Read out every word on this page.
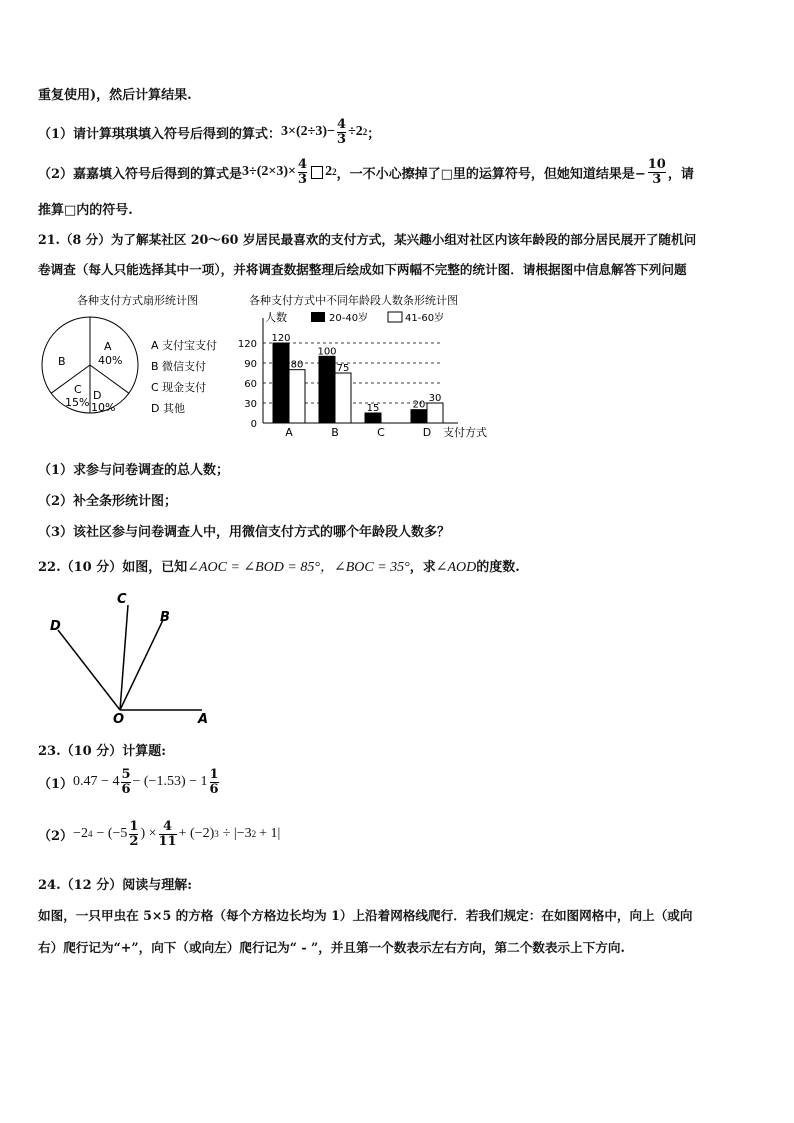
重复使用)，然后计算结果.
（1）请计算琪琪填入符号后得到的算式： $3\times(2\div 3)- \frac{4}{3} \div 2$ 2 ；
（2）嘉嘉填入符号后得到的算式是 $3\div(2\times 3)\times \frac{4}{3} 2$ 2 ，一不小心擦掉了□里的运算符号，但她知道结果是− $\frac{10}{3}$ ，请
推算□内的符号.
21.（8 分）为了解某社区 20～60 岁居民最喜欢的支付方式，某兴趣小组对社区内该年龄段的部分居民展开了随机问
卷调查（每人只能选择其中一项），并将调查数据整理后绘成如下两幅不完整的统计图．请根据图中信息解答下列问题
各种支付方式扇形统计图
A
40%
B
C
15%
D
10%
A 支付宝支付
B 微信支付
C 现金支付
D 其他
各种支付方式中不同年龄段人数条形统计图
人数	20-40岁	41-60岁
0
30
60
90
120
120
80
A
100
75
B
15
C
20
30
D 支付方式
（1）求参与问卷调查的总人数；
（2）补全条形统计图；
（3）该社区参与问卷调查人中，用微信支付方式的哪个年龄段人数多？
22.（10 分）如图，已知∠AOC = ∠BOD = 85°，∠BOC = 35°，求∠AOD的度数.
C
B
D
O	A
23.（10 分）计算题:
（1） $0.47 - 4 \frac{5}{6} - (-1.53) - 1 \frac{1}{6}$
（2） −2 $4 - (-5 \frac{1}{2}$ ) × $\frac{4}{11} + (-2) 3 \div |-3$ 2 + 1|
24.（12 分）阅读与理解:
如图，一只甲虫在 5×5 的方格（每个方格边长均为 1）上沿着网格线爬行．若我们规定：在如图网格中，向上（或向
右）爬行记为“+”，向下（或向左）爬行记为“ - ”，并且第一个数表示左右方向，第二个数表示上下方向.
